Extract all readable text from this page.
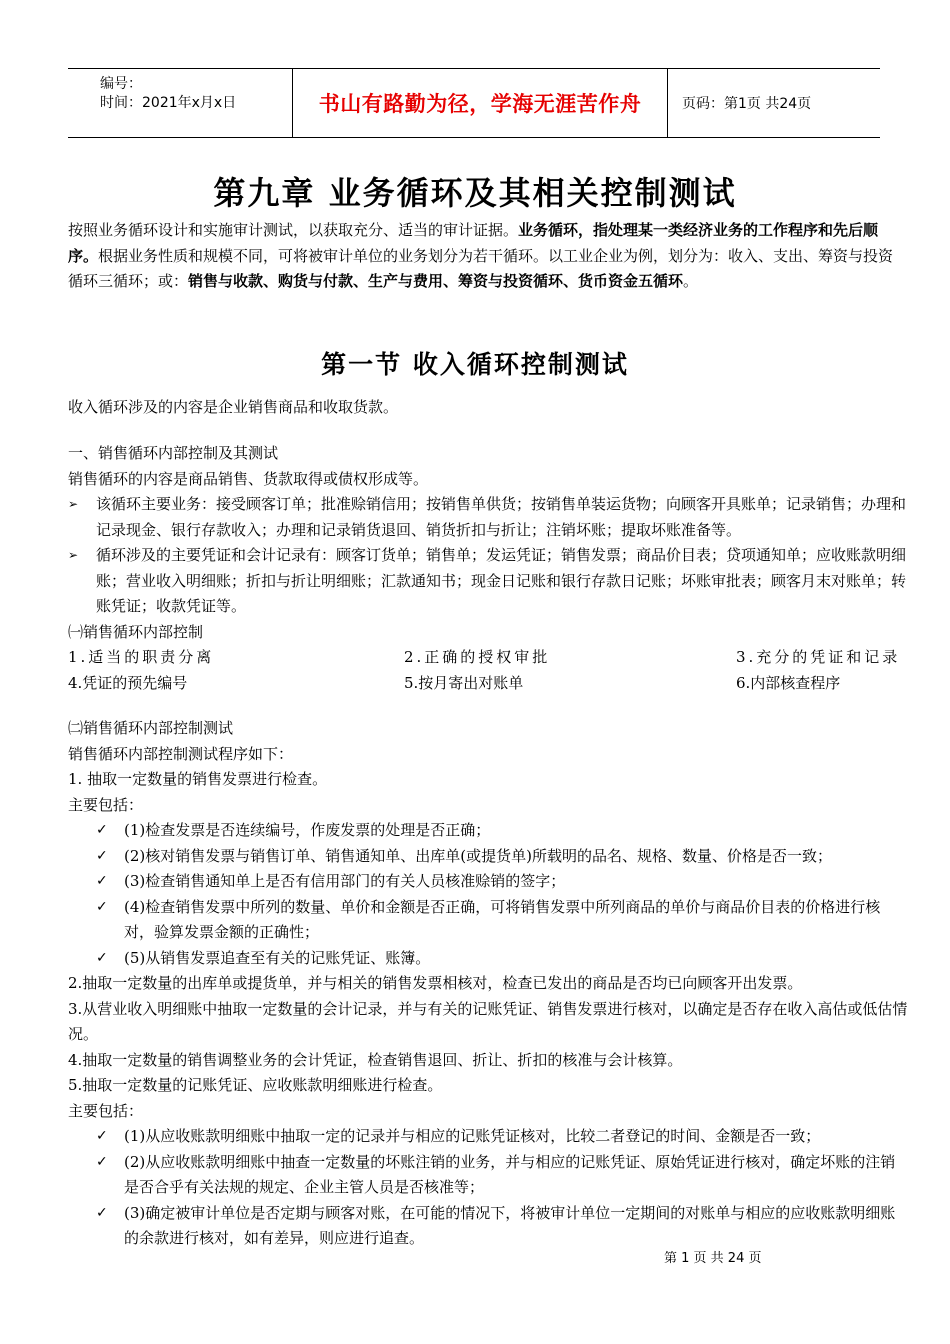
编号：
时间：2021年x月x日	书山有路勤为径，学海无涯苦作舟	页码：第1页 共24页
第九章 业务循环及其相关控制测试
按照业务循环设计和实施审计测试，以获取充分、适当的审计证据。业务循环，指处理某一类经济业务的工作程序和先后顺序。根据业务性质和规模不同，可将被审计单位的业务划分为若干循环。以工业企业为例，划分为：收入、支出、筹资与投资循环三循环；或：销售与收款、购货与付款、生产与费用、筹资与投资循环、货币资金五循环。
第一节 收入循环控制测试
收入循环涉及的内容是企业销售商品和收取货款。
一、销售循环内部控制及其测试
销售循环的内容是商品销售、货款取得或债权形成等。
➢ 该循环主要业务：接受顾客订单；批准赊销信用；按销售单供货；按销售单装运货物；向顾客开具账单；记录销售；办理和记录现金、银行存款收入；办理和记录销货退回、销货折扣与折让；注销坏账；提取坏账准备等。
➢ 循环涉及的主要凭证和会计记录有：顾客订货单；销售单；发运凭证；销售发票；商品价目表；贷项通知单；应收账款明细账；营业收入明细账；折扣与折让明细账；汇款通知书；现金日记账和银行存款日记账；坏账审批表；顾客月末对账单；转账凭证；收款凭证等。
㈠销售循环内部控制
1.适当的职责分离	2.正确的授权审批	3.充分的凭证和记录
4.凭证的预先编号	5.按月寄出对账单	6.内部核查程序
㈡销售循环内部控制测试
销售循环内部控制测试程序如下：
1. 抽取一定数量的销售发票进行检查。
主要包括：
✓ (1)检查发票是否连续编号，作废发票的处理是否正确；
✓ (2)核对销售发票与销售订单、销售通知单、出库单(或提货单)所载明的品名、规格、数量、价格是否一致；
✓ (3)检查销售通知单上是否有信用部门的有关人员核准赊销的签字；
✓ (4)检查销售发票中所列的数量、单价和金额是否正确，可将销售发票中所列商品的单价与商品价目表的价格进行核对，验算发票金额的正确性；
✓ (5)从销售发票追查至有关的记账凭证、账簿。
2.抽取一定数量的出库单或提货单，并与相关的销售发票相核对，检查已发出的商品是否均已向顾客开出发票。
3.从营业收入明细账中抽取一定数量的会计记录，并与有关的记账凭证、销售发票进行核对，以确定是否存在收入高估或低估情况。
4.抽取一定数量的销售调整业务的会计凭证，检查销售退回、折让、折扣的核准与会计核算。
5.抽取一定数量的记账凭证、应收账款明细账进行检查。
主要包括：
✓ (1)从应收账款明细账中抽取一定的记录并与相应的记账凭证核对，比较二者登记的时间、金额是否一致；
✓ (2)从应收账款明细账中抽查一定数量的坏账注销的业务，并与相应的记账凭证、原始凭证进行核对，确定坏账的注销是否合乎有关法规的规定、企业主管人员是否核准等；
✓ (3)确定被审计单位是否定期与顾客对账，在可能的情况下，将被审计单位一定期间的对账单与相应的应收账款明细账的余款进行核对，如有差异，则应进行追查。
第 1 页 共 24 页
